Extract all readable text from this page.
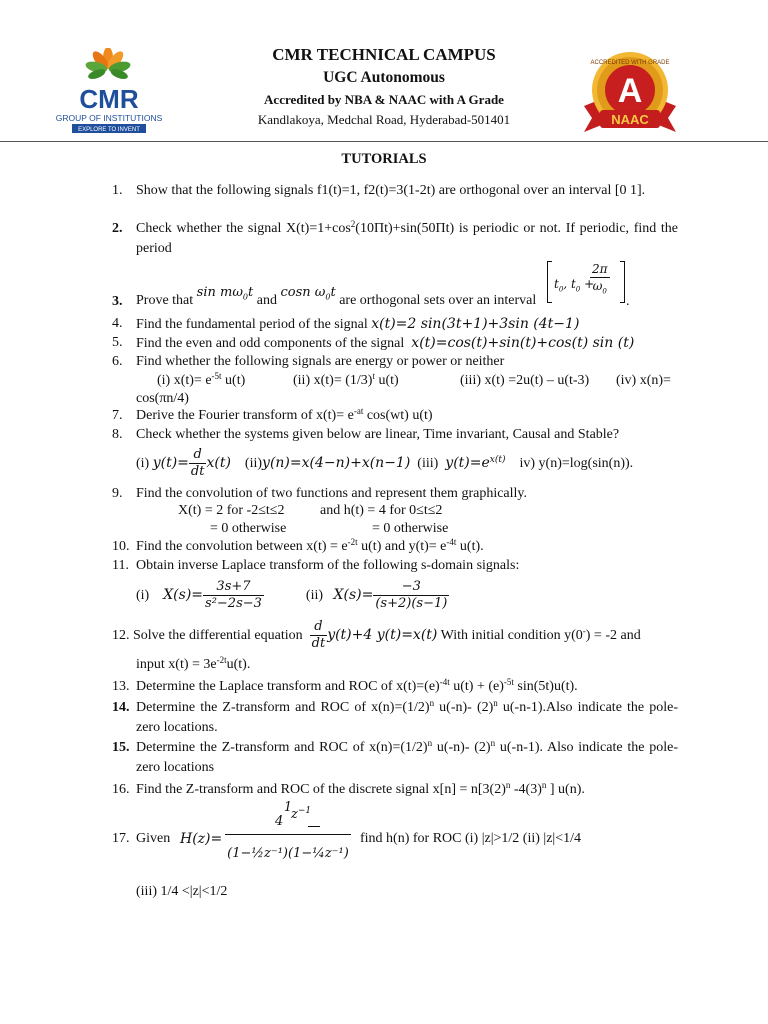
CMR
GROUP OF INSTITUTIONS
EXPLORE TO INVENT
CMR TECHNICAL CAMPUS
UGC Autonomous
Accredited by NBA & NAAC with A Grade
Kandlakoya, Medchal Road, Hyderabad-501401
A
ACCREDITED WITH GRADE
NAAC
TUTORIALS
1. Show that the following signals f1(t)=1, f2(t)=3(1-2t) are orthogonal over an interval [0 1].
2. Check whether the signal $X(t)=1+\cos^2(10\Pi t)+\sin(50\Pi t)$ is periodic or not. If periodic, find the period
3. Prove that $\sin m\omega_0t$ and cosn $\omega_0t$ are orthogonal sets over an interval
$t_0$, $t_0$ +
$\frac{2\pi}{\omega_0}$
.
4. Find the fundamental period of the signal x(t)=2 sin(3t+1)+3sin (4t−1)
5. Find the even and odd components of the signal x(t)=cos(t)+sin(t)+cos(t) sin (t)
6. Find whether the following signals are energy or power or neither
(i) $x(t)= e^{-5t}$ u(t)	(ii) $x(t)= (1/3)^t$ u(t)	(iii) x(t) =2u(t) – u(t-3) (iv) x(n)=
cos(πn/4)
7. Derive the Fourier transform of $x(t)= e^{-at}$ cos(wt) u(t)
8. Check whether the systems given below are linear, Time invariant, Causal and Stable?
(i) $y(t)= \frac{d}{dt} x(t)$ (ii)y(n)=x(4−n)+x(n−1) (iii) $y(t)=e^{x(t)}$ iv) y(n)=log(sin(n)).
9. Find the convolution of two functions and represent them graphically.
X(t) = 2 for -2≤t≤2	and h(t) = 4 for 0≤t≤2
= 0 otherwise	= 0 otherwise
10. Find the convolution between $x(t) = e^{-2t}$ u(t) and $y(t)= e^{-4t}$ u(t).
11. Obtain inverse Laplace transform of the following s-domain signals:
(i) $X(s)= \frac{3s+7}{\text{s²−2s−3}}$	(ii) $X(s)= \frac{-3}{(s+2)(s-1)}$
12. Solve the differential equation $\frac{d}{dt} y(t)+4$ y(t)=x(t) With initial condition y(0-) = -2 and
input $x(t) = 3e^{-2t}u(t)$.
13. Determine the Laplace transform and ROC of $x(t)=(e)^{-4t}$ $u(t) + (e)^{-5t}$ sin(5t)u(t).
14. Determine the Z-transform and ROC of $x(n)=(1/2)^n$ u(-n)- $(2)^n$ u(-n-1).Also indicate the pole-zero locations.
15. Determine the Z-transform and ROC of $x(n)=(1/2)^n$ u(-n)- $(2)^n$ u(-n-1). Also indicate the pole-zero locations
16. Find the Z-transform and ROC of the discrete signal $x[n] = n[3(2)^n$ $-4(3)^n$ ] u(n).
17. Given H(z)=
1
4 $z^{-1}$
(1−½z⁻¹)(1−¼z⁻¹)
find h(n) for ROC (i) |z|>1/2 (ii) |z|<1/4
(iii) 1/4 <|z|<1/2
